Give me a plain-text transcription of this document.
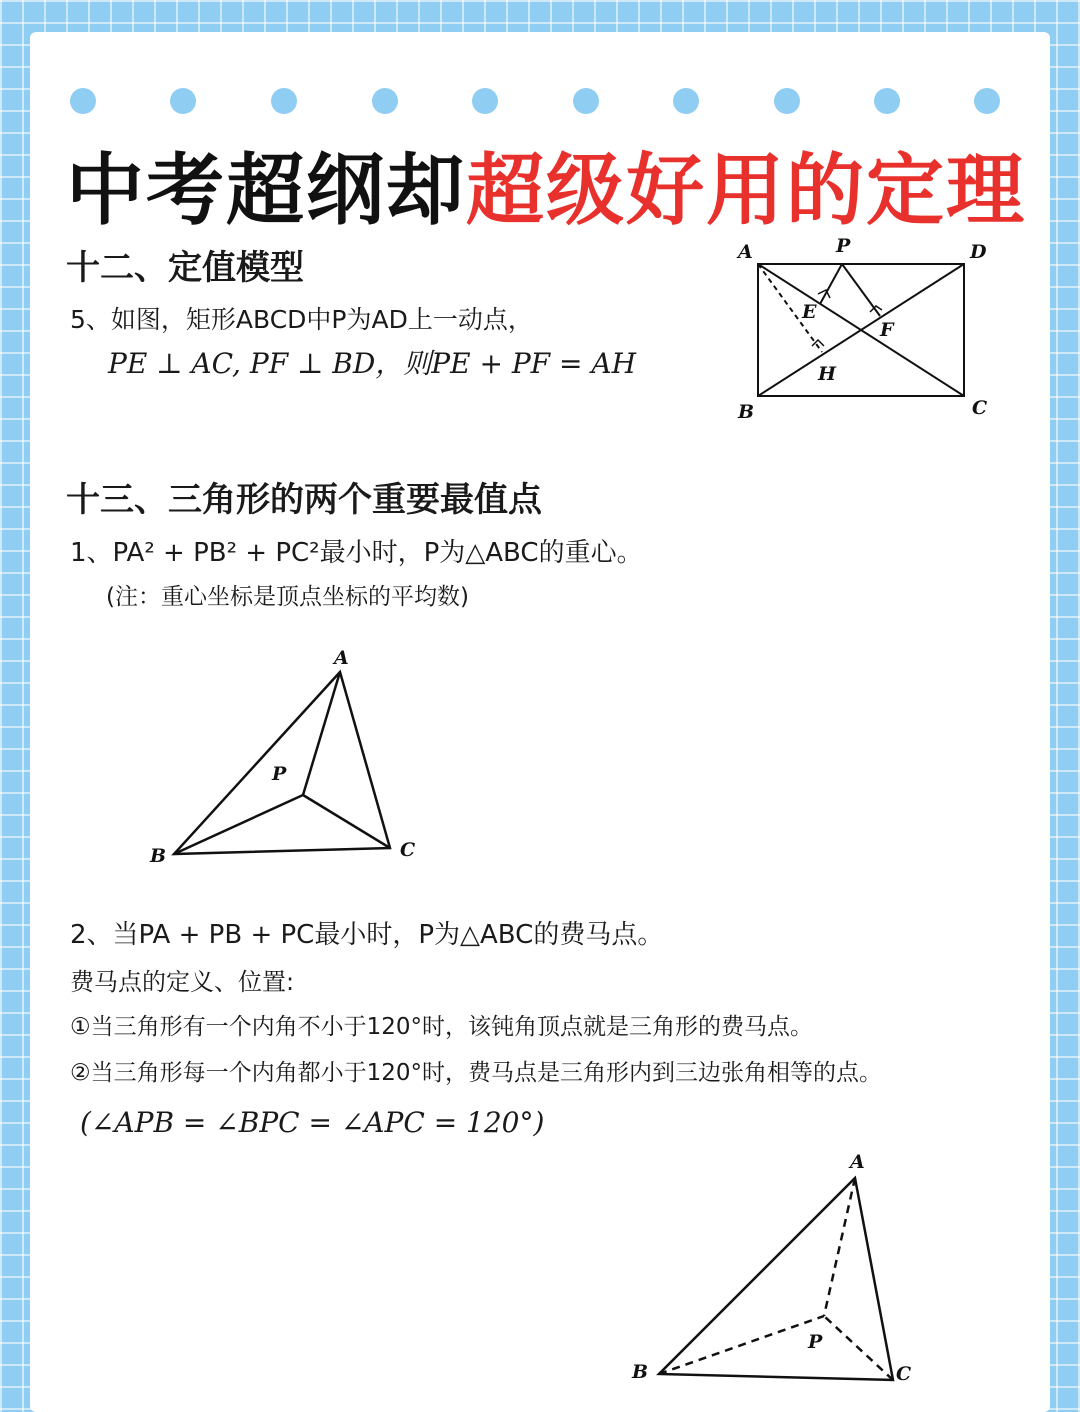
中考超纲却超级好用的定理
十二、定值模型

5、如图，矩形ABCD中P为AD上一动点，

PE ⊥ AC, PF ⊥ BD，则PE + PF = AH

A	P	D
E
F
H
B	C
十三、三角形的两个重要最值点

1、PA² + PB² + PC²最小时，P为△ABC的重心。

(注：重心坐标是顶点坐标的平均数)

A
P
B	C

2、当PA + PB + PC最小时，P为△ABC的费马点。

费马点的定义、位置:

①当三角形有一个内角不小于120°时，该钝角顶点就是三角形的费马点。

②当三角形每一个内角都小于120°时，费马点是三角形内到三边张角相等的点。

(∠APB = ∠BPC = ∠APC = 120°)

A
P
B	C
